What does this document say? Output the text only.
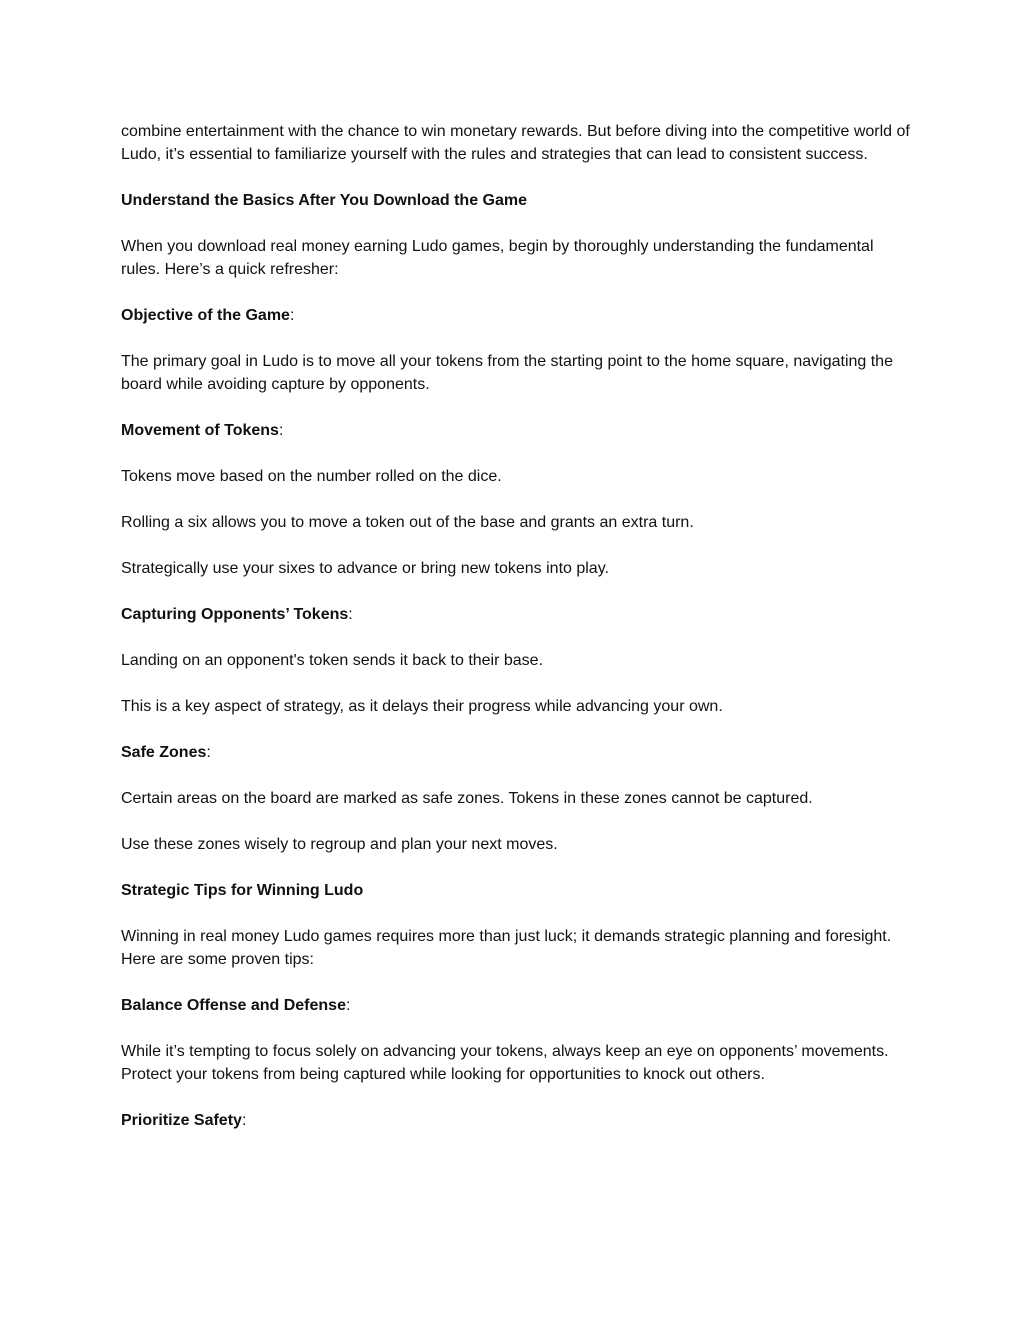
combine entertainment with the chance to win monetary rewards. But before diving into the competitive world of Ludo, it’s essential to familiarize yourself with the rules and strategies that can lead to consistent success.

Understand the Basics After You Download the Game

When you download real money earning Ludo games, begin by thoroughly understanding the fundamental rules. Here’s a quick refresher:

Objective of the Game:

The primary goal in Ludo is to move all your tokens from the starting point to the home square, navigating the board while avoiding capture by opponents.

Movement of Tokens:

Tokens move based on the number rolled on the dice.

Rolling a six allows you to move a token out of the base and grants an extra turn.

Strategically use your sixes to advance or bring new tokens into play.

Capturing Opponents’ Tokens:

Landing on an opponent's token sends it back to their base.

This is a key aspect of strategy, as it delays their progress while advancing your own.

Safe Zones:

Certain areas on the board are marked as safe zones. Tokens in these zones cannot be captured.

Use these zones wisely to regroup and plan your next moves.

Strategic Tips for Winning Ludo

Winning in real money Ludo games requires more than just luck; it demands strategic planning and foresight. Here are some proven tips:

Balance Offense and Defense:

While it’s tempting to focus solely on advancing your tokens, always keep an eye on opponents’ movements. Protect your tokens from being captured while looking for opportunities to knock out others.

Prioritize Safety:
